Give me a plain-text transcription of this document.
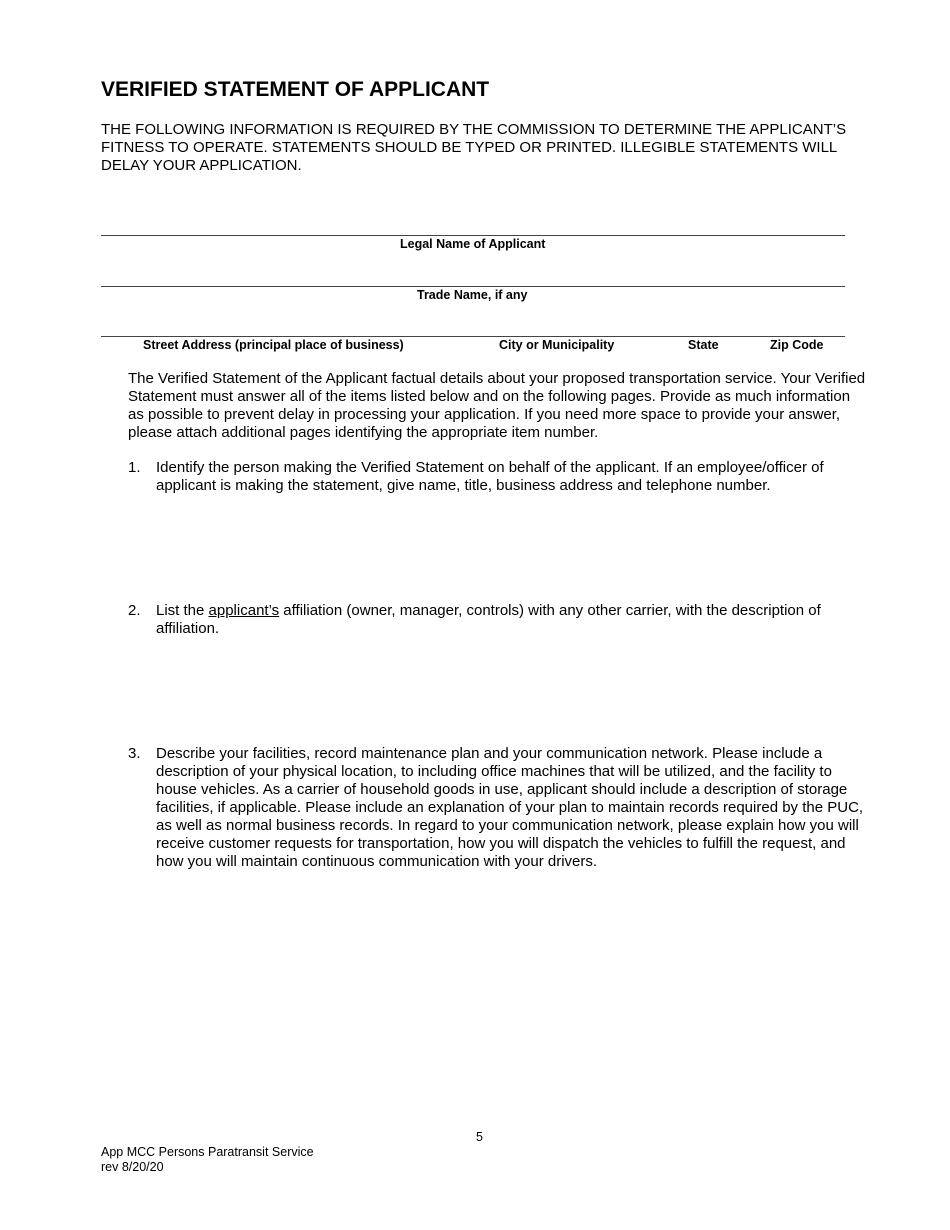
VERIFIED STATEMENT OF APPLICANT
THE FOLLOWING INFORMATION IS REQUIRED BY THE COMMISSION TO DETERMINE THE APPLICANT’S FITNESS TO OPERATE. STATEMENTS SHOULD BE TYPED OR PRINTED. ILLEGIBLE STATEMENTS WILL DELAY YOUR APPLICATION.
Legal Name of Applicant
Trade Name, if any
Street Address (principal place of business)	City or Municipality	State	Zip Code
The Verified Statement of the Applicant factual details about your proposed transportation service. Your Verified Statement must answer all of the items listed below and on the following pages. Provide as much information as possible to prevent delay in processing your application. If you need more space to provide your answer, please attach additional pages identifying the appropriate item number.
1. Identify the person making the Verified Statement on behalf of the applicant. If an employee/officer of applicant is making the statement, give name, title, business address and telephone number.
2. List the applicant’s affiliation (owner, manager, controls) with any other carrier, with the description of affiliation.
3. Describe your facilities, record maintenance plan and your communication network. Please include a description of your physical location, to including office machines that will be utilized, and the facility to house vehicles. As a carrier of household goods in use, applicant should include a description of storage facilities, if applicable. Please include an explanation of your plan to maintain records required by the PUC, as well as normal business records. In regard to your communication network, please explain how you will receive customer requests for transportation, how you will dispatch the vehicles to fulfill the request, and how you will maintain continuous communication with your drivers.
5
App MCC Persons Paratransit Service
rev 8/20/20
